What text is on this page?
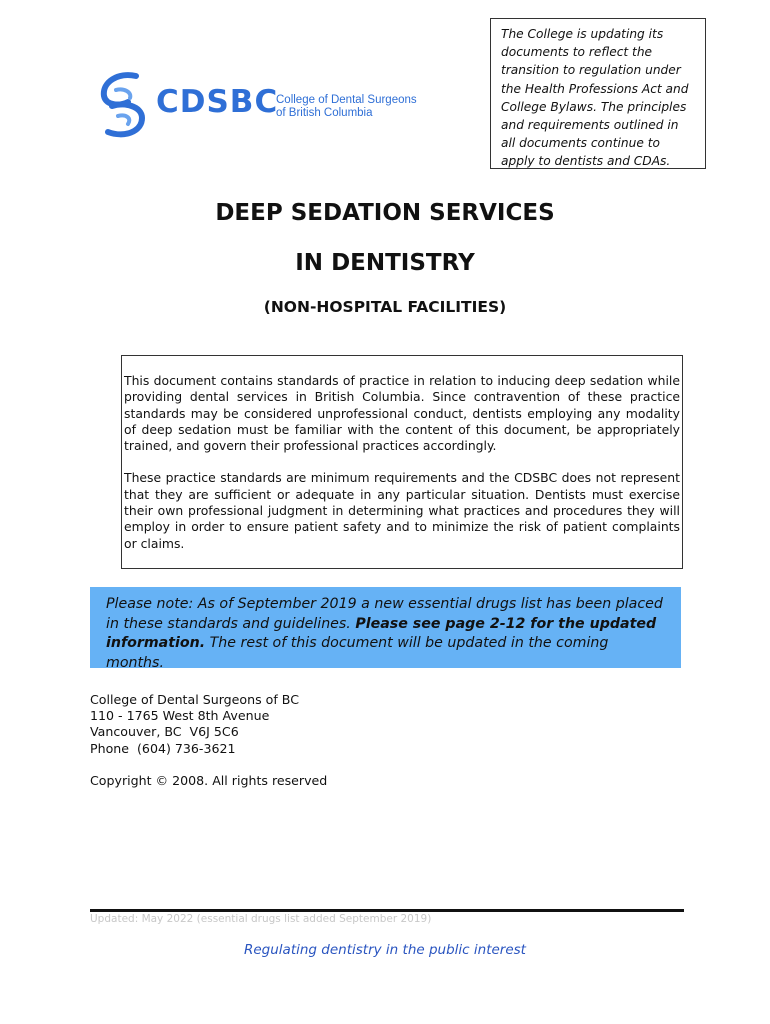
CDSBC
College of Dental Surgeons
of British Columbia
The College is updating its documents to reflect the transition to regulation under the Health Professions Act and College Bylaws. The principles and requirements outlined in all documents continue to apply to dentists and CDAs.
DEEP SEDATION SERVICES
IN DENTISTRY
(NON-HOSPITAL FACILITIES)

This document contains standards of practice in relation to inducing deep sedation while providing dental services in British Columbia. Since contravention of these practice standards may be considered unprofessional conduct, dentists employing any modality of deep sedation must be familiar with the content of this document, be appropriately trained, and govern their professional practices accordingly.

These practice standards are minimum requirements and the CDSBC does not represent that they are sufficient or adequate in any particular situation. Dentists must exercise their own professional judgment in determining what practices and procedures they will employ in order to ensure patient safety and to minimize the risk of patient complaints or claims.

Please note: As of September 2019 a new essential drugs list has been placed in these standards and guidelines. Please see page 2-12 for the updated information. The rest of this document will be updated in the coming months.
College of Dental Surgeons of BC
110 - 1765 West 8th Avenue
Vancouver, BC  V6J 5C6
Phone  (604) 736-3621
Copyright © 2008. All rights reserved
Updated: May 2022 (essential drugs list added September 2019)
Regulating dentistry in the public interest
